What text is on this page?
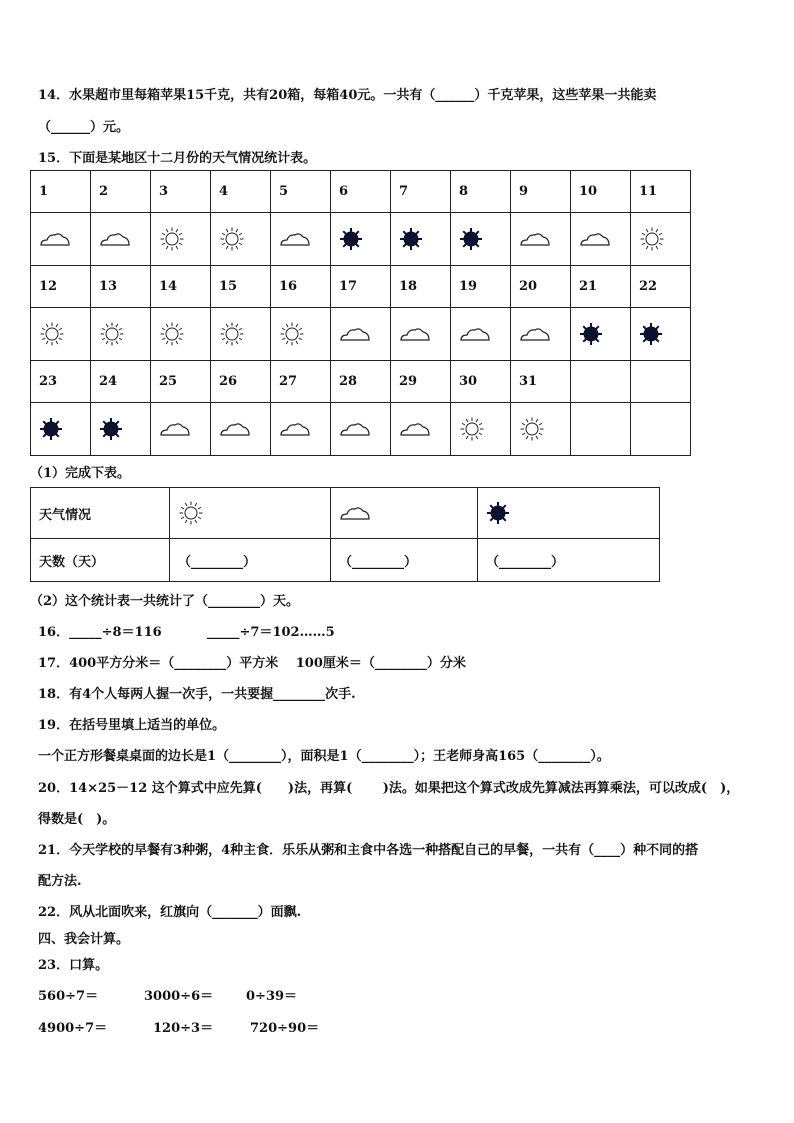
14．水果超市里每箱苹果15千克，共有20箱，每箱40元。一共有（______）千克苹果，这些苹果一共能卖
（______）元。
15．下面是某地区十二月份的天气情况统计表。
1	2	3	4	5	6	7	8	9	10	11

12	13	14	15	16	17	18	19	20	21	22

23	24	25	26	27	28	29	30	31		

（1）完成下表。
天气情况	

天数（天）	（________）	（________）	（________）
（2）这个统计表一共统计了（________）天。
16．_____÷8＝116	_____÷7＝102……5
17．400平方分米＝（________）平方米　 100厘米＝（________）分米
18．有4个人每两人握一次手，一共要握________次手.
19．在括号里填上适当的单位。
一个正方形餐桌桌面的边长是1（________），面积是1（________）；王老师身高165（________）。
20．14×25－12 这个算式中应先算(　　)法，再算(　　 )法。如果把这个算式改成先算减法再算乘法，可以改成(　)，
得数是(　)。
21．今天学校的早餐有3种粥，4种主食．乐乐从粥和主食中各选一种搭配自己的早餐，一共有（____）种不同的搭
配方法.
22．风从北面吹来，红旗向（_______）面飘.
四、我会计算。
23．口算。
560÷7＝	3000÷6＝	0÷39＝
4900÷7＝	120÷3＝	720÷90＝
